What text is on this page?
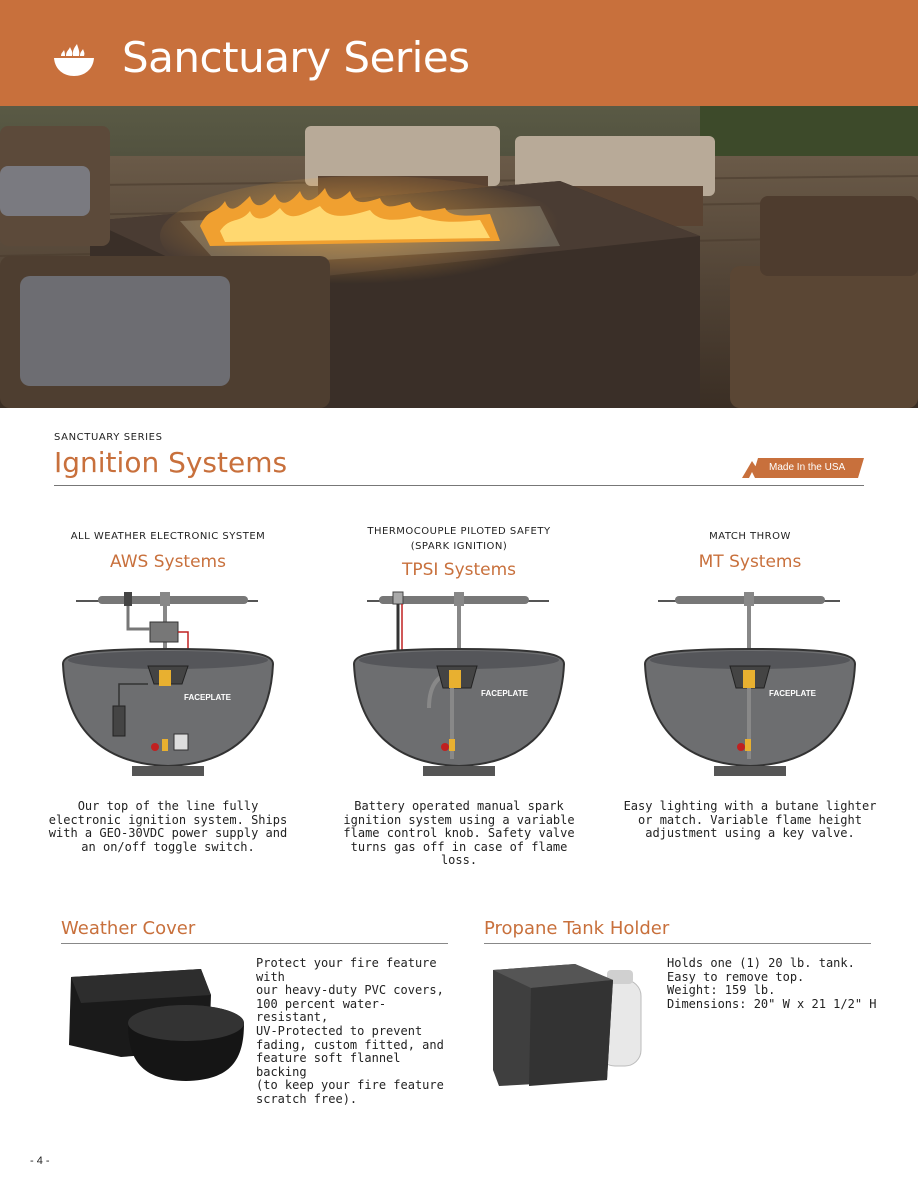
Sanctuary Series
SANCTUARY SERIES
Ignition Systems	Made In the USA
ALL WEATHER ELECTRONIC SYSTEM
AWS Systems
FACEPLATE
Our top of the line fully electronic ignition system. Ships with a GEO-30VDC power supply and an on/off toggle switch.
THERMOCOUPLE PILOTED SAFETY (SPARK IGNITION)
TPSI Systems
FACEPLATE
Battery operated manual spark ignition system using a variable flame control knob. Safety valve turns gas off in case of flame loss.
MATCH THROW
MT Systems
FACEPLATE
Easy lighting with a butane lighter or match. Variable flame height adjustment using a key valve.
Weather Cover
Protect your fire feature with
our heavy-duty PVC covers,
100 percent water-resistant,
UV-Protected to prevent
fading, custom fitted, and
feature soft flannel backing
(to keep your fire feature
scratch free).
Propane Tank Holder
Holds one (1) 20 lb. tank.
Easy to remove top.
Weight: 159 lb.
Dimensions: 20" W x 21 1/2" H
- 4 -
